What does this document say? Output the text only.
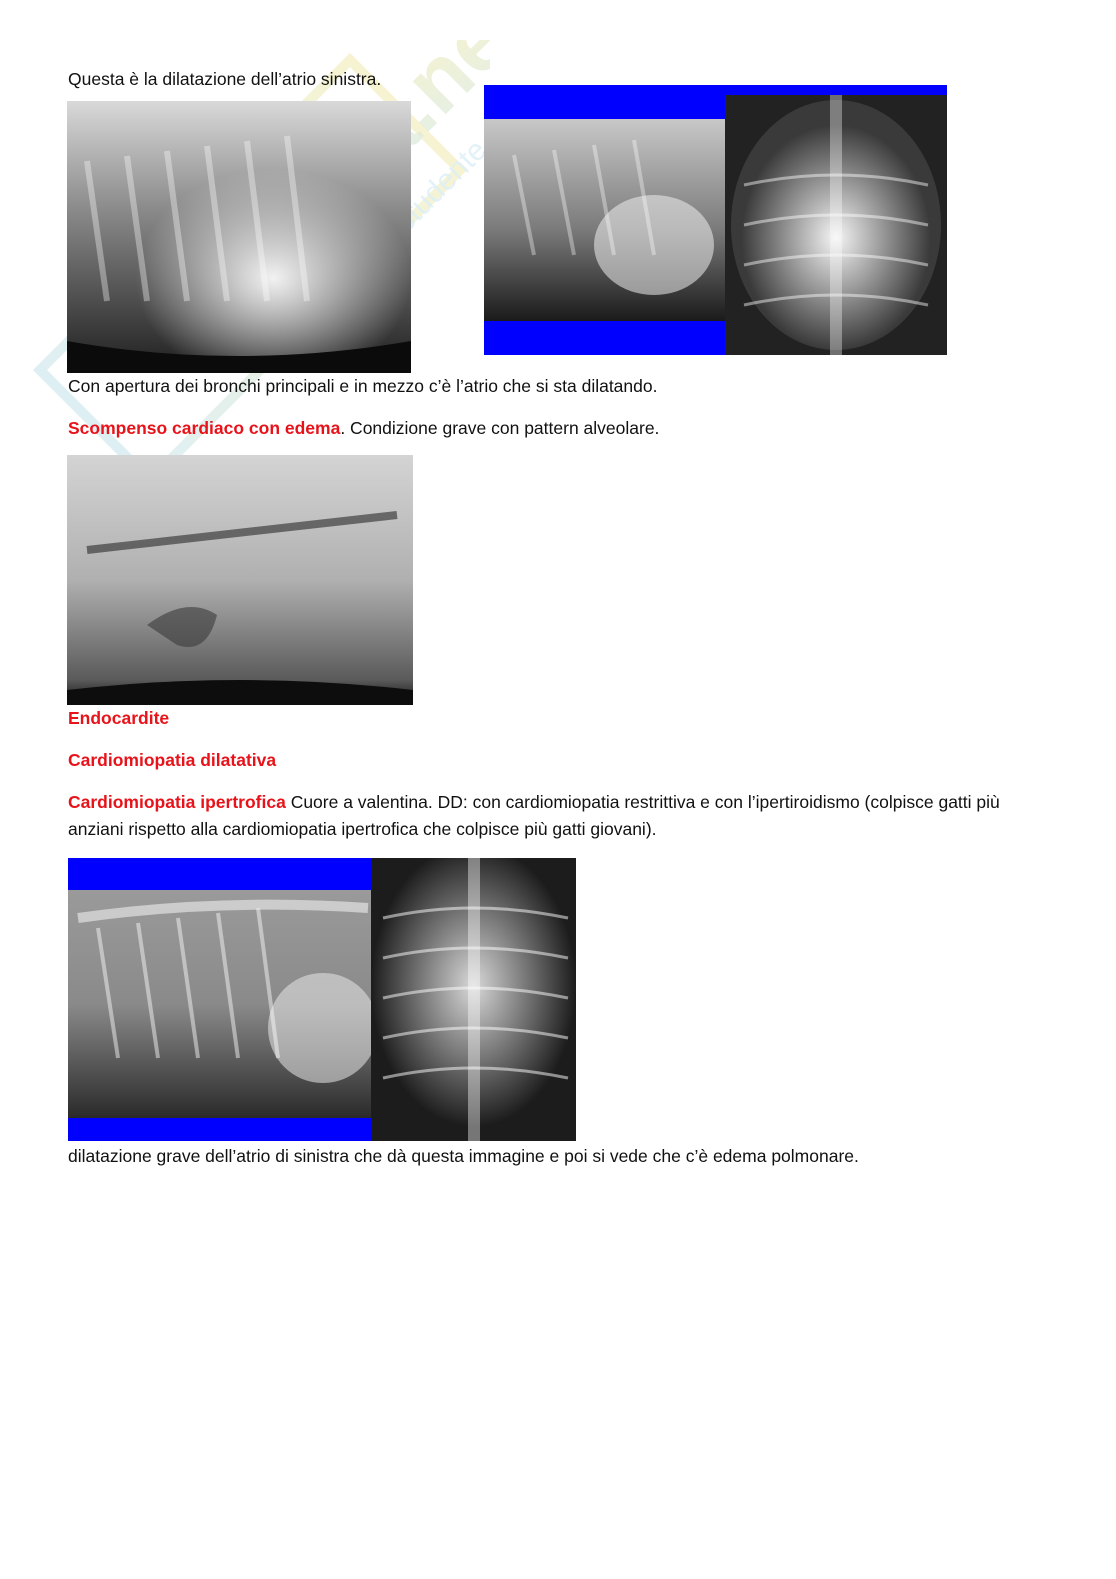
studente
Questa è la dilatazione dell’atrio sinistra.
Con apertura dei bronchi principali e in mezzo c’è l’atrio che si sta dilatando.
Scompenso cardiaco con edema. Condizione grave con pattern alveolare.
Endocardite
Cardiomiopatia dilatativa
Cardiomiopatia ipertrofica Cuore a valentina. DD: con cardiomiopatia restrittiva e con l’ipertiroidismo (colpisce gatti più anziani rispetto alla cardiomiopatia ipertrofica che colpisce più gatti giovani).
dilatazione grave dell’atrio di sinistra che dà questa immagine e poi si vede che c’è edema polmonare.
